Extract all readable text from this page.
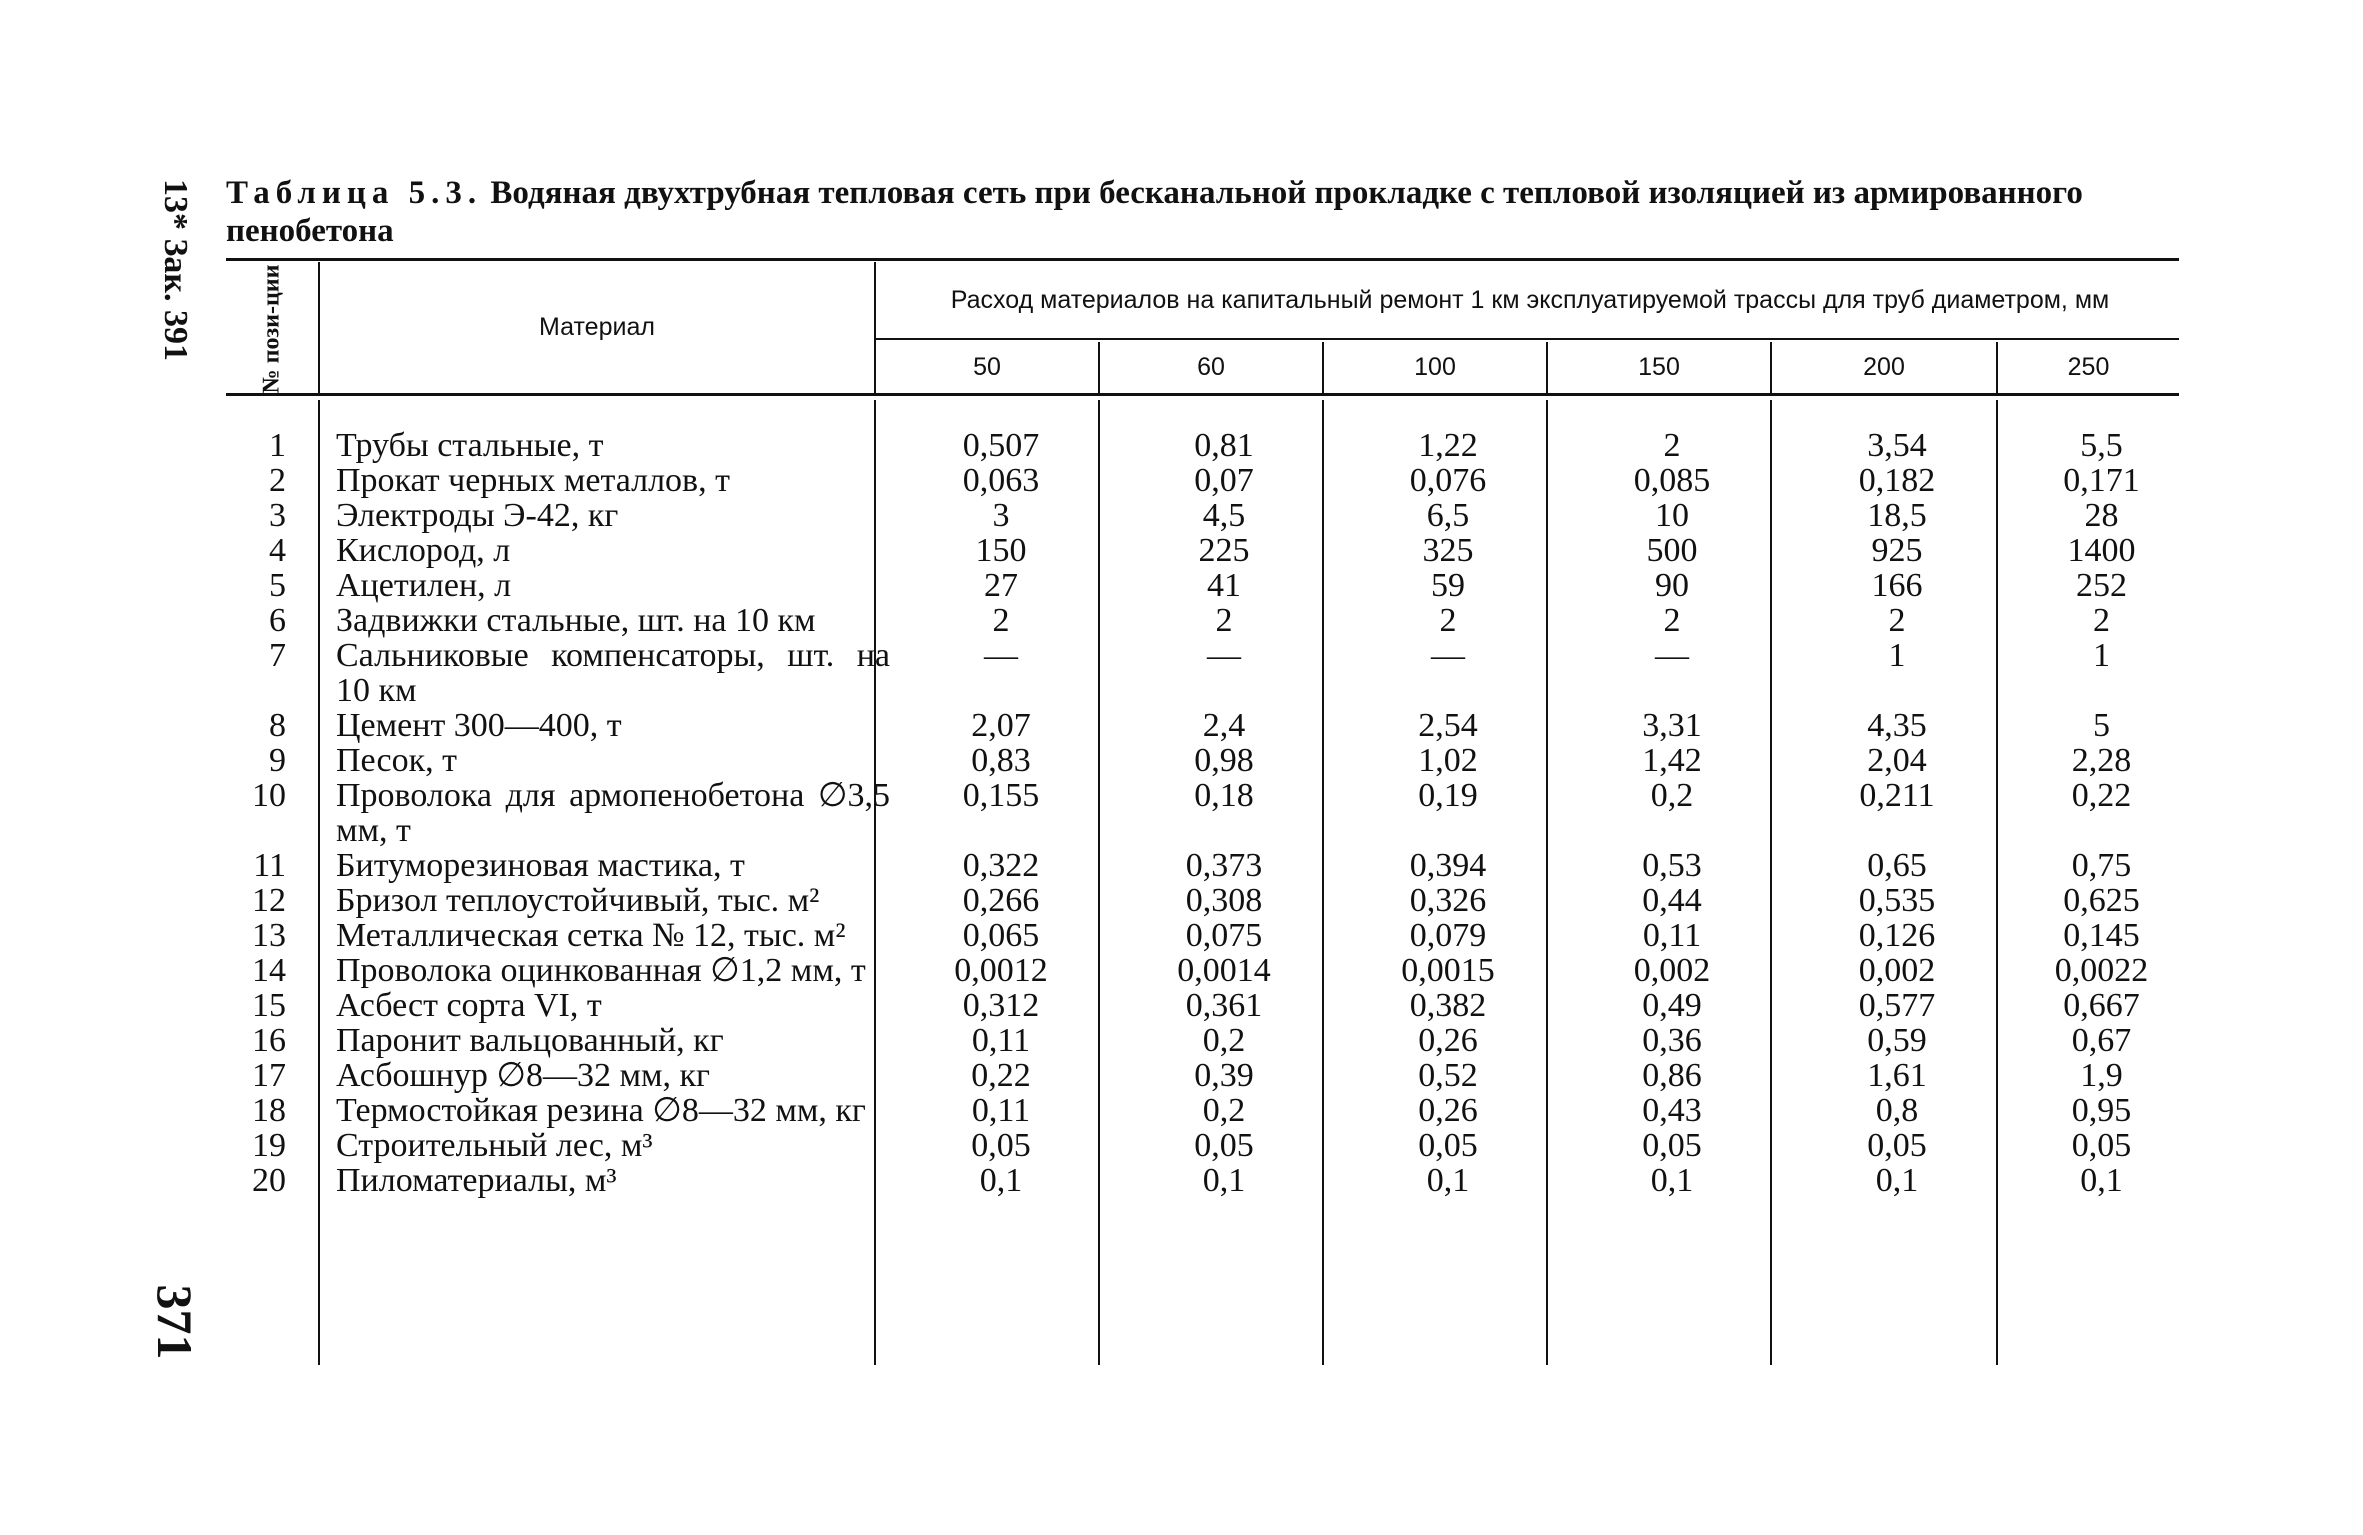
13* Зак. 391
371

Таблица 5.3. Водяная двухтрубная тепловая сеть при бесканальной прокладке с тепловой изоляцией из армированного пенобетона

№ пози-ции	Материал
Расход материалов на капитальный ремонт 1 км эксплуатируемой трассы для труб диаметром, мм
50	60	100	150	200	250
1	Трубы стальные, т	0,507	0,81	1,22	2	3,54	5,5
2	Прокат черных металлов, т	0,063	0,07	0,076	0,085	0,182	0,171
3	Электроды Э-42, кг	3	4,5	6,5	10	18,5	28
4	Кислород, л	150	225	325	500	925	1400
5	Ацетилен, л	27	41	59	90	166	252
6	Задвижки стальные, шт. на 10 км	2	2	2	2	2	2
7	Сальниковые компенсаторы, шт. на 10 км	—	—	—	—	1	1
8	Цемент 300—400, т	2,07	2,4	2,54	3,31	4,35	5
9	Песок, т	0,83	0,98	1,02	1,42	2,04	2,28
10	Проволока для армопенобетона ∅3,5 мм, т	0,155	0,18	0,19	0,2	0,211	0,22
11	Битуморезиновая мастика, т	0,322	0,373	0,394	0,53	0,65	0,75
12	Бризол теплоустойчивый, тыс. м²	0,266	0,308	0,326	0,44	0,535	0,625
13	Металлическая сетка № 12, тыс. м²	0,065	0,075	0,079	0,11	0,126	0,145
14	Проволока оцинкованная ∅1,2 мм, т	0,0012	0,0014	0,0015	0,002	0,002	0,0022
15	Асбест сорта VI, т	0,312	0,361	0,382	0,49	0,577	0,667
16	Паронит вальцованный, кг	0,11	0,2	0,26	0,36	0,59	0,67
17	Асбошнур ∅8—32 мм, кг	0,22	0,39	0,52	0,86	1,61	1,9
18	Термостойкая резина ∅8—32 мм, кг	0,11	0,2	0,26	0,43	0,8	0,95
19	Строительный лес, м³	0,05	0,05	0,05	0,05	0,05	0,05
20	Пиломатериалы, м³	0,1	0,1	0,1	0,1	0,1	0,1
